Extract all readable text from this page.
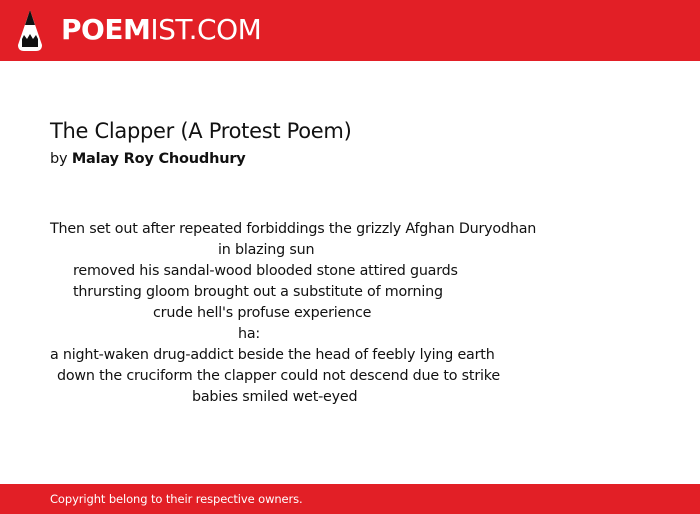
POEMIST.COM
The Clapper (A Protest Poem)
by Malay Roy Choudhury
Then set out after repeated forbiddings the grizzly Afghan Duryodhan
in blazing sun
removed his sandal-wood blooded stone attired guards
thrursting gloom brought out a substitute of morning
crude hell's profuse experience
ha:
a night-waken drug-addict beside the head of feebly lying earth
down the cruciform the clapper could not descend due to strike
babies smiled wet-eyed
Copyright belong to their respective owners.
